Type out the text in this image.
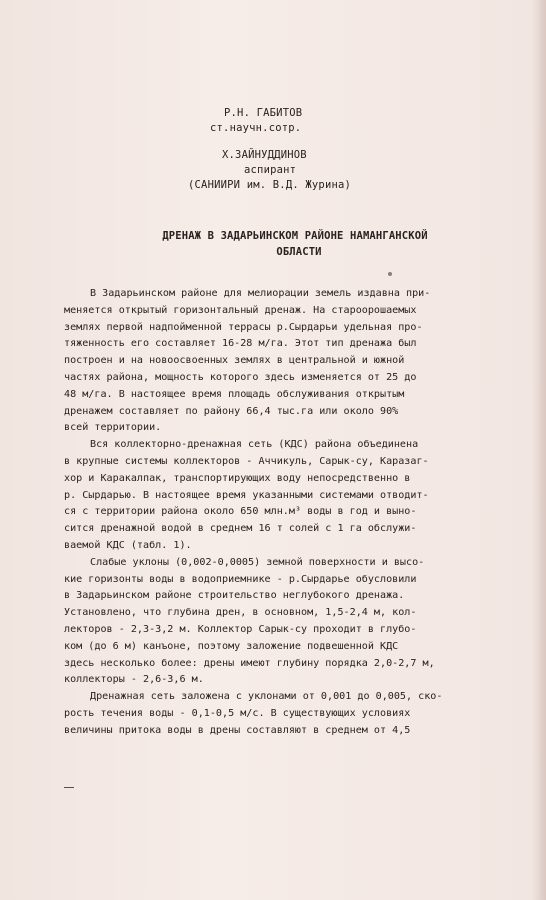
Р.Н. ГАБИТОВ
ст.научн.сотр.
Х.ЗАЙНУДДИНОВ
аспирант
(САНИИРИ им. В.Д. Журина)
ДРЕНАЖ В ЗАДАРЬИНСКОМ РАЙОНЕ НАМАНГАНСКОЙ
ОБЛАСТИ
В Задарьинском районе для мелиорации земель издавна при-
меняется открытый горизонтальный дренаж. На староорошаемых
землях первой надпойменной террасы р.Сырдарьи удельная про-
тяженность его составляет 16-28 м/га. Этот тип дренажа был
построен и на новоосвоенных землях в центральной и южной
частях района, мощность которого здесь изменяется от 25 до
48 м/га. В настоящее время площадь обслуживания открытым
дренажем составляет по району 66,4 тыс.га или около 90%
всей территории.
Вся коллекторно-дренажная сеть (КДС) района объединена
в крупные системы коллекторов - Аччикуль, Сарык-су, Каразаг-
хор и Каракалпак, транспортирующих воду непосредственно в
р. Сырдарью. В настоящее время указанными системами отводит-
ся с территории района около 650 млн.м³ воды в год и выно-
сится дренажной водой в среднем 16 т солей с 1 га обслужи-
ваемой КДС (табл. 1).
Слабые уклоны (0,002-0,0005) земной поверхности и высо-
кие горизонты воды в водоприемнике - р.Сырдарье обусловили
в Задарьинском районе строительство неглубокого дренажа.
Установлено, что глубина дрен, в основном, 1,5-2,4 м, кол-
лекторов - 2,3-3,2 м. Коллектор Сарык-су проходит в глубо-
ком (до 6 м) канъоне, поэтому заложение подвешенной КДС
здесь несколько более: дрены имеют глубину порядка 2,0-2,7 м,
коллекторы - 2,6-3,6 м.
Дренажная сеть заложена с уклонами от 0,001 до 0,005, ско-
рость течения воды - 0,1-0,5 м/с. В существующих условиях
величины притока воды в дрены составляют в среднем от 4,5
